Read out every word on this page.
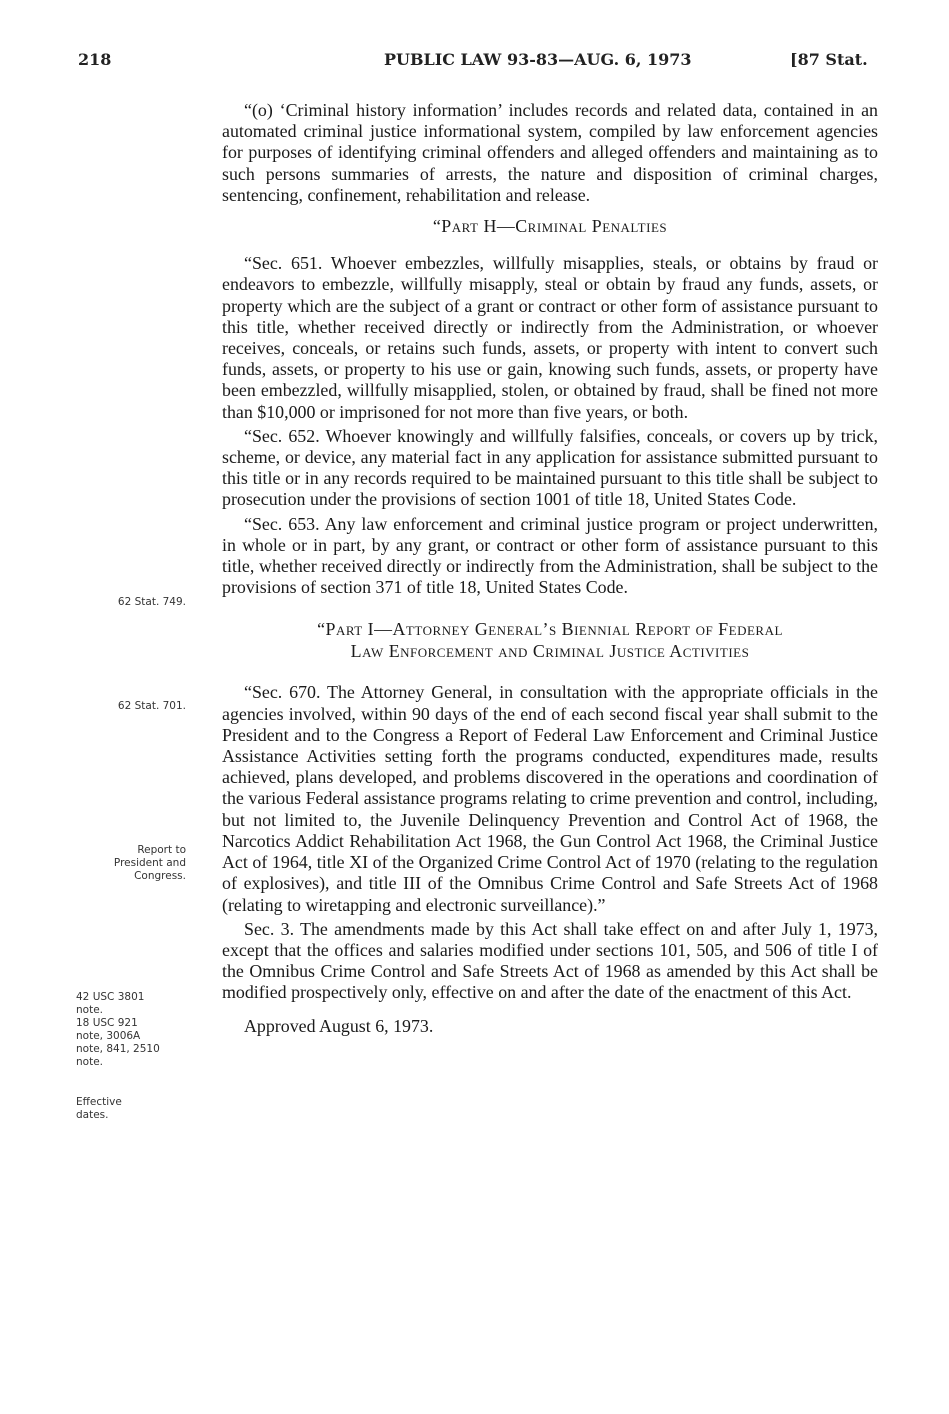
218	PUBLIC LAW 93-83—AUG. 6, 1973	[87 Stat.

“(o) ‘Criminal history information’ includes records and related data, contained in an automated criminal justice informational system, compiled by law enforcement agencies for purposes of identifying criminal offenders and alleged offenders and maintaining as to such persons summaries of arrests, the nature and disposition of criminal charges, sentencing, confinement, rehabilitation and release.

“Part H—Criminal Penalties

“Sec. 651. Whoever embezzles, willfully misapplies, steals, or obtains by fraud or endeavors to embezzle, willfully misapply, steal or obtain by fraud any funds, assets, or property which are the subject of a grant or contract or other form of assistance pursuant to this title, whether received directly or indirectly from the Administration, or whoever receives, conceals, or retains such funds, assets, or property with intent to convert such funds, assets, or property to his use or gain, knowing such funds, assets, or property have been embezzled, willfully misapplied, stolen, or obtained by fraud, shall be fined not more than $10,000 or imprisoned for not more than five years, or both.

“Sec. 652. Whoever knowingly and willfully falsifies, conceals, or covers up by trick, scheme, or device, any material fact in any application for assistance submitted pursuant to this title or in any records required to be maintained pursuant to this title shall be subject to prosecution under the provisions of section 1001 of title 18, United States Code.

“Sec. 653. Any law enforcement and criminal justice program or project underwritten, in whole or in part, by any grant, or contract or other form of assistance pursuant to this title, whether received directly or indirectly from the Administration, shall be subject to the provisions of section 371 of title 18, United States Code.

“Part I—Attorney General’s Biennial Report of Federal
Law Enforcement and Criminal Justice Activities

“Sec. 670. The Attorney General, in consultation with the appropriate officials in the agencies involved, within 90 days of the end of each second fiscal year shall submit to the President and to the Congress a Report of Federal Law Enforcement and Criminal Justice Assistance Activities setting forth the programs conducted, expenditures made, results achieved, plans developed, and problems discovered in the operations and coordination of the various Federal assistance programs relating to crime prevention and control, including, but not limited to, the Juvenile Delinquency Prevention and Control Act of 1968, the Narcotics Addict Rehabilitation Act 1968, the Gun Control Act 1968, the Criminal Justice Act of 1964, title XI of the Organized Crime Control Act of 1970 (relating to the regulation of explosives), and title III of the Omnibus Crime Control and Safe Streets Act of 1968 (relating to wiretapping and electronic surveillance).”

Sec. 3. The amendments made by this Act shall take effect on and after July 1, 1973, except that the offices and salaries modified under sections 101, 505, and 506 of title I of the Omnibus Crime Control and Safe Streets Act of 1968 as amended by this Act shall be modified prospectively only, effective on and after the date of the enactment of this Act.

Approved August 6, 1973.

62 Stat. 749.
62 Stat. 701.
Report to
President and
Congress.
42 USC 3801
note.
18 USC 921
note, 3006A
note, 841, 2510
note.
Effective
dates.
